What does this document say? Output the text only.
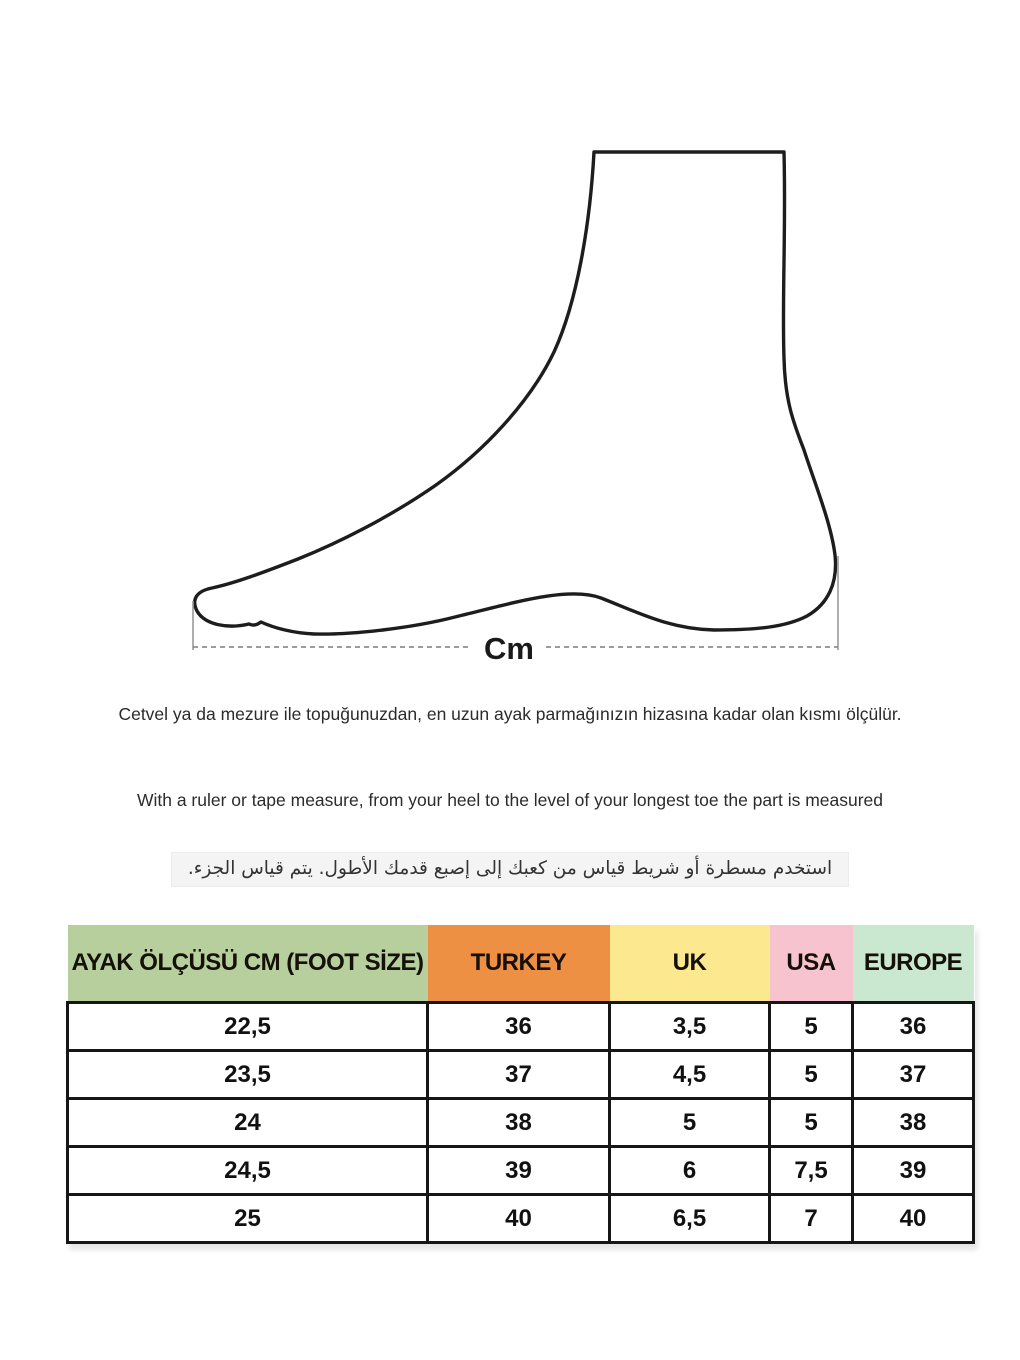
Cm
Cetvel ya da mezure ile topuğunuzdan, en uzun ayak parmağınızın hizasına kadar olan kısmı ölçülür.
With a ruler or tape measure, from your heel to the level of your longest toe the part is measured
استخدم مسطرة أو شريط قياس من كعبك إلى إصبع قدمك الأطول. يتم قياس الجزء.
AYAK ÖLÇÜSÜ CM (FOOT SİZE)	TURKEY	UK	USA	EUROPE
22,5	36	3,5	5	36
23,5	37	4,5	5	37
24	38	5	5	38
24,5	39	6	7,5	39
25	40	6,5	7	40
